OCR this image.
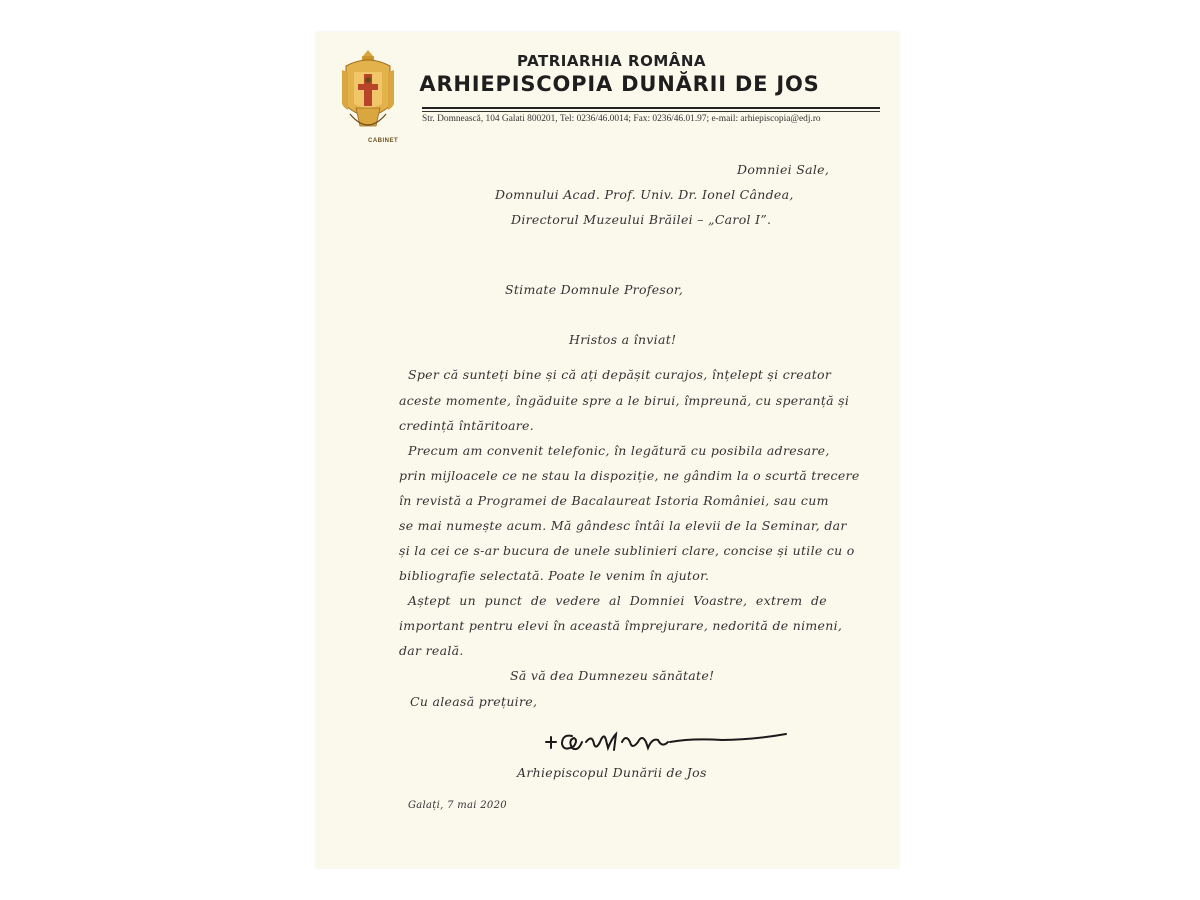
CABINET
PATRIARHIA ROMÂNA
ARHIEPISCOPIA DUNĂRII DE JOS
Str. Domnească, 104 Galati 800201, Tel: 0236/46.0014; Fax: 0236/46.01.97; e-mail: arhiepiscopia@edj.ro
Domniei Sale,
Domnului Acad. Prof. Univ. Dr. Ionel Cândea,
Directorul Muzeului Brăilei – „Carol I”.
Stimate Domnule Profesor,
Hristos a înviat!
Sper că sunteți bine și că ați depășit curajos, înțelept și creator
aceste momente, îngăduite spre a le birui, împreună, cu speranță și
credință întăritoare.
Precum am convenit telefonic, în legătură cu posibila adresare,
prin mijloacele ce ne stau la dispoziție, ne gândim la o scurtă trecere
în revistă a Programei de Bacalaureat Istoria României, sau cum
se mai numește acum. Mă gândesc întâi la elevii de la Seminar, dar
și la cei ce s-ar bucura de unele sublinieri clare, concise și utile cu o
bibliografie selectată. Poate le venim în ajutor.
Aștept un punct de vedere al Domniei Voastre, extrem de
important pentru elevi în această împrejurare, nedorită de nimeni,
dar reală.
Să vă dea Dumnezeu sănătate!
Cu aleasă prețuire,
Arhiepiscopul Dunării de Jos
Galați, 7 mai 2020
